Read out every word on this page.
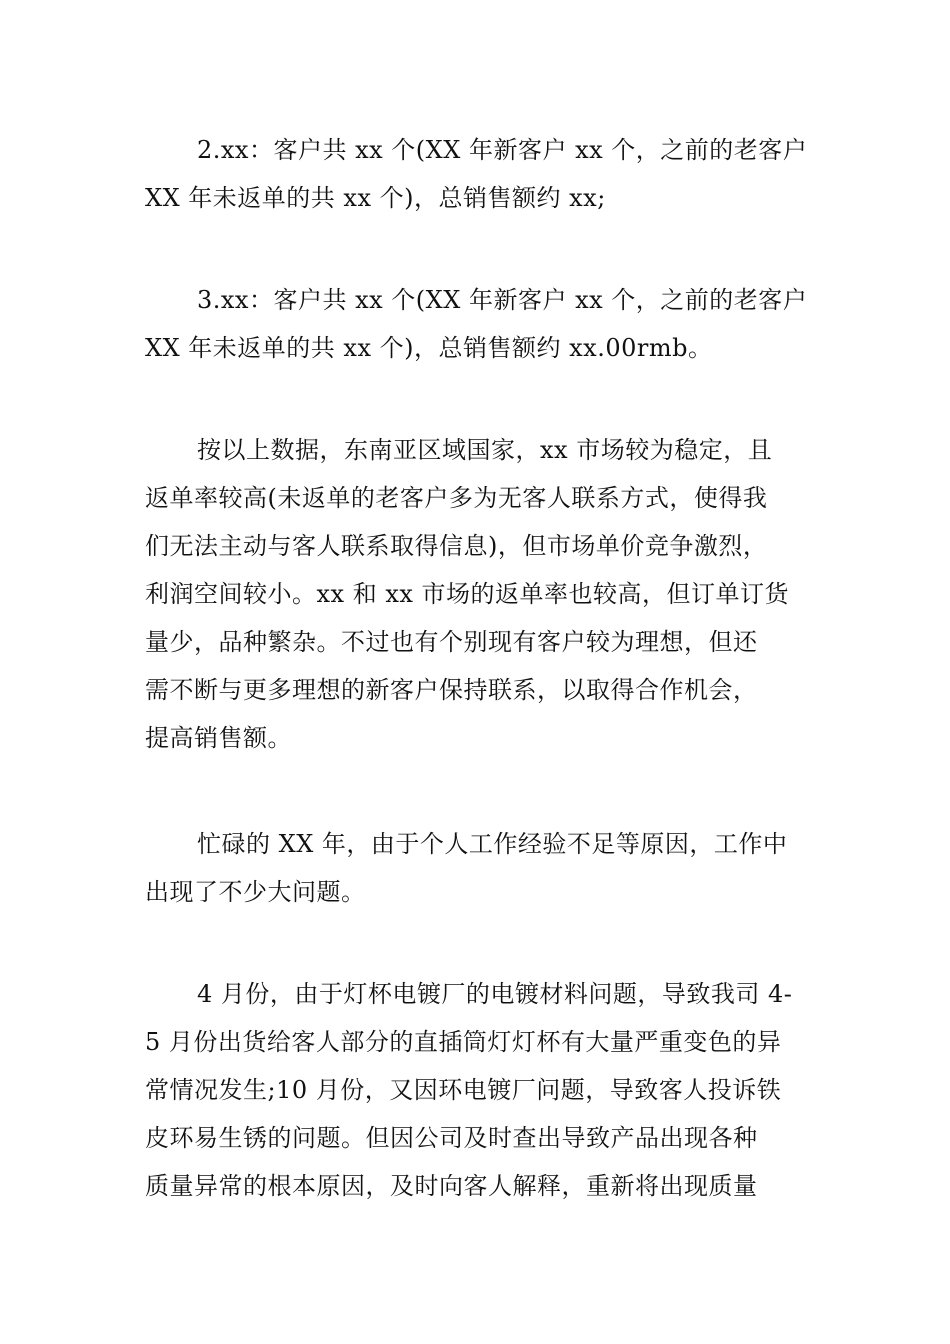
2.xx：客户共 xx 个(XX 年新客户 xx 个，之前的老客户
XX 年未返单的共 xx 个)，总销售额约 xx;
3.xx：客户共 xx 个(XX 年新客户 xx 个，之前的老客户
XX 年未返单的共 xx 个)，总销售额约 xx.00rmb。
按以上数据，东南亚区域国家，xx 市场较为稳定，且
返单率较高(未返单的老客户多为无客人联系方式，使得我
们无法主动与客人联系取得信息)，但市场单价竞争激烈，
利润空间较小。xx 和 xx 市场的返单率也较高，但订单订货
量少，品种繁杂。不过也有个别现有客户较为理想，但还
需不断与更多理想的新客户保持联系，以取得合作机会，
提高销售额。
忙碌的 XX 年，由于个人工作经验不足等原因，工作中
出现了不少大问题。
4 月份，由于灯杯电镀厂的电镀材料问题，导致我司 4-
5 月份出货给客人部分的直插筒灯灯杯有大量严重变色的异
常情况发生;10 月份，又因环电镀厂问题，导致客人投诉铁
皮环易生锈的问题。但因公司及时查出导致产品出现各种
质量异常的根本原因，及时向客人解释，重新将出现质量
